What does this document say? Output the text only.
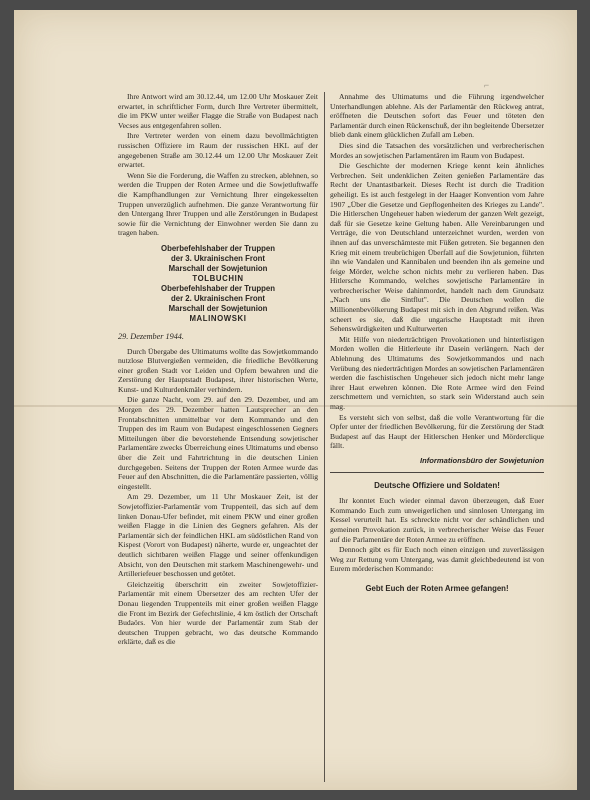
⌐

Ihre Antwort wird am 30.12.44, um 12.00 Uhr Moskauer Zeit erwartet, in schriftlicher Form, durch Ihre Vertreter übermittelt, die im PKW unter weißer Flagge die Straße von Budapest nach Vecses aus entgegenfahren sollen.

Ihre Vertreter werden von einem dazu bevollmächtigten russischen Offiziere im Raum der russischen HKL auf der angegebenen Straße am 30.12.44 um 12.00 Uhr Moskauer Zeit erwartet.

Wenn Sie die Forderung, die Waffen zu strecken, ablehnen, so werden die Truppen der Roten Armee und die Sowjetluftwaffe die Kampfhandlungen zur Vernichtung Ihrer eingekesselten Truppen unverzüglich aufnehmen. Die ganze Verantwortung für den Untergang Ihrer Truppen und alle Zerstörungen in Budapest sowie für die Vernichtung der Einwohner werden Sie dann zu tragen haben.

Oberbefehlshaber der Truppen
der 3. Ukrainischen Front
Marschall der Sowjetunion
TOLBUCHIN
Oberbefehlshaber der Truppen
der 2. Ukrainischen Front
Marschall der Sowjetunion
MALINOWSKI
29. Dezember 1944.

Durch Übergabe des Ultimatums wollte das Sowjetkommando nutzlose Blutvergießen vermeiden, die friedliche Bevölkerung einer großen Stadt vor Leiden und Opfern bewahren und die Zerstörung der Hauptstadt Budapest, ihrer historischen Werte, Kunst- und Kulturdenkmäler verhindern.

Die ganze Nacht, vom 29. auf den 29. Dezember, und am Morgen des 29. Dezember hatten Lautsprecher an den Frontabschnitten unmittelbar vor dem Kommando und den Truppen des im Raum von Budapest eingeschlossenen Gegners Mitteilungen über die bevorstehende Entsendung sowjetischer Parlamentäre zwecks Überreichung eines Ultimatums und ebenso über die Zeit und Fahrtrichtung in die deutschen Linien durchgegeben. Seitens der Truppen der Roten Armee wurde das Feuer auf den Abschnitten, die die Parlamentäre passierten, völlig eingestellt.

Am 29. Dezember, um 11 Uhr Moskauer Zeit, ist der Sowjetoffizier-Parlamentär vom Truppenteil, das sich auf dem linken Donau-Ufer befindet, mit einem PKW und einer großen weißen Flagge in die Linien des Gegners gefahren. Als der Parlamentär sich der feindlichen HKL am südöstlichen Rand von Kispest (Vorort von Budapest) näherte, wurde er, ungeachtet der deutlich sichtbaren weißen Flagge und seiner offenkundigen Absicht, von den Deutschen mit starkem Maschinengewehr- und Artilleriefeuer beschossen und getötet.

Gleichzeitig überschritt ein zweiter Sowjetoffizier-Parlamentär mit einem Übersetzer des am rechten Ufer der Donau liegenden Truppenteils mit einer großen weißen Flagge die Front im Bezirk der Gefechtslinie, 4 km östlich der Ortschaft Budaörs. Von hier wurde der Parlamentär zum Stab der deutschen Truppen gebracht, wo das deutsche Kommando erklärte, daß es die

Annahme des Ultimatums und die Führung irgendwelcher Unterhandlungen ablehne. Als der Parlamentär den Rückweg antrat, eröffneten die Deutschen sofort das Feuer und töteten den Parlamentär durch einen Rückenschuß, der ihn begleitende Übersetzer blieb dank einem glücklichen Zufall am Leben.

Dies sind die Tatsachen des vorsätzlichen und verbrecherischen Mordes an sowjetischen Parlamentären im Raum von Budapest.

Die Geschichte der modernen Kriege kennt kein ähnliches Verbrechen. Seit undenklichen Zeiten genießen Parlamentäre das Recht der Unantastbarkeit. Dieses Recht ist durch die Tradition geheiligt. Es ist auch festgelegt in der Haager Konvention vom Jahre 1907 „Über die Gesetze und Gepflogenheiten des Krieges zu Lande". Die Hitlerschen Ungeheuer haben wiederum der ganzen Welt gezeigt, daß für sie Gesetze keine Geltung haben. Alle Vereinbarungen und Verträge, die von Deutschland unterzeichnet wurden, werden von ihnen auf das unverschämteste mit Füßen getreten. Sie begannen den Krieg mit einem treubrüchigen Überfall auf die Sowjetunion, führten ihn wie Vandalen und Kannibalen und beenden ihn als gemeine und feige Mörder, welche schon nichts mehr zu verlieren haben. Das Hitlersche Kommando, welches sowjetische Parlamentäre in verbrecherischer Weise dahinmordet, handelt nach dem Grundsatz „Nach uns die Sintflut". Die Deutschen wollen die Millionenbevölkerung Budapest mit sich in den Abgrund reißen. Was scheert es sie, daß die ungarische Hauptstadt mit ihren Sehenswürdigkeiten und Kulturwerten

Mit Hilfe von niederträchtigen Provokationen und hinterlistigen Morden wollen die Hitlerleute ihr Dasein verlängern. Nach der Ablehnung des Ultimatums des Sowjetkommandos und nach Verübung des niederträchtigen Mordes an sowjetischen Parlamentären werden die faschistischen Ungeheuer sich jedoch nicht mehr lange ihrer Haut erwehren können. Die Rote Armee wird den Feind zerschmettern und vernichten, so stark sein Widerstand auch sein mag.

Es versteht sich von selbst, daß die volle Verantwortung für die Opfer unter der friedlichen Bevölkerung, für die Zerstörung der Stadt Budapest auf das Haupt der Hitlerschen Henker und Mörderclique fällt.

Informationsbüro der Sowjetunion
Deutsche Offiziere und Soldaten!

Ihr konntet Euch wieder einmal davon überzeugen, daß Euer Kommando Euch zum unweigerlichen und sinnlosen Untergang im Kessel verurteilt hat. Es schreckte nicht vor der schändlichen und gemeinen Provokation zurück, in verbrecherischer Weise das Feuer auf die Parlamentäre der Roten Armee zu eröffnen.

Dennoch gibt es für Euch noch einen einzigen und zuverlässigen Weg zur Rettung vom Untergang, was damit gleichbedeutend ist von Eurem mörderischen Kommando:

Gebt Euch der Roten Armee gefangen!
